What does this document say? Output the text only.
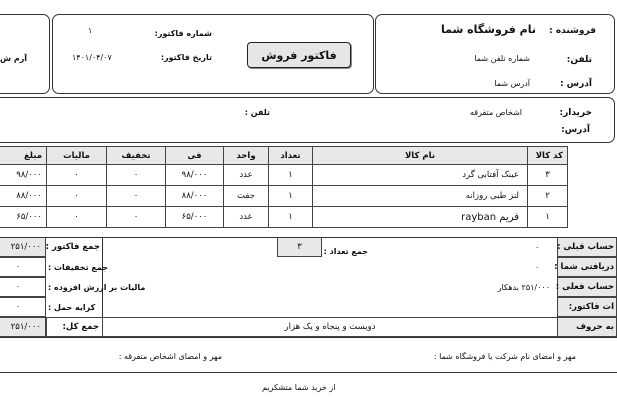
فروشنده :
نام فروشگاه شما
تلفن:
شماره تلفن شما
آدرس :
آدرس شما
شماره فاکتور:
۱
تاریخ فاکتور:
۱۴۰۱/۰۴/۰۷	فاکتور فروش
آرم ش
خریدار:
اشخاص متفرقه
تلفن :
آدرس:
مبلغ	مالیات	تخفیف	فی	واحد	تعداد	نام کالا	کد کالا
۹۸/۰۰۰	۰	۰	۹۸/۰۰۰	عدد	۱	عینک آفتابی گرد	۳
۸۸/۰۰۰	۰	۰	۸۸/۰۰۰	جفت	۱	لنز طبی روزانه	۲
۶۵/۰۰۰	۰	۰	۶۵/۰۰۰	عدد	۱	فریم rayban	۱
حساب قبلی :
۰
دریافتی شما :
۰
حساب فعلی :
۲۵۱/۰۰۰ بدهکار
ات فاکتور:
به حروف
دویست و پنجاه و یک هزار
جمع تعداد :
۳
جمع فاکتور :
۲۵۱/۰۰۰
جمع تخفیفات :
۰
مالیات بر ارزش افزوده :
۰
کرایه حمل :
۰
جمع کل:
۲۵۱/۰۰۰
مهر و امضای نام شرکت یا فروشگاه شما :
مهر و امضای اشخاص متفرقه :
از خرید شما متشکریم
